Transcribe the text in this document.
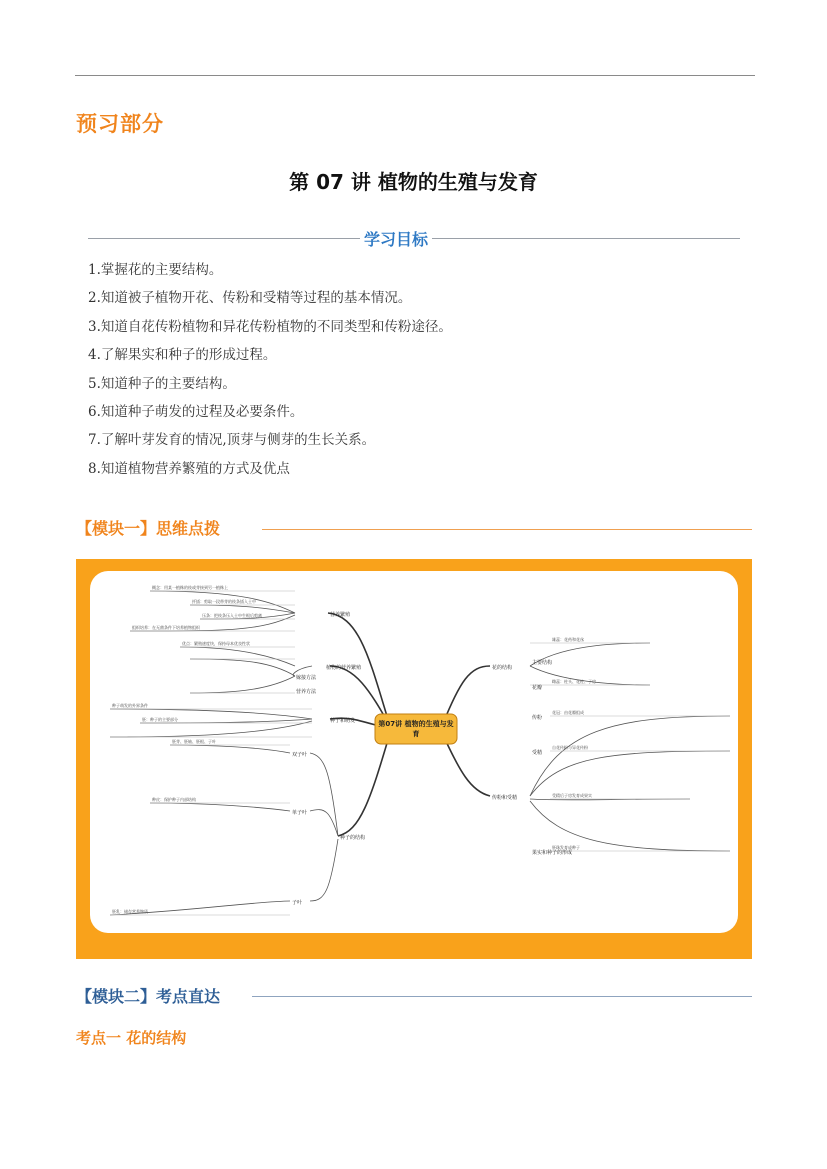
预习部分
第 07 讲 植物的生殖与发育
学习目标
1.掌握花的主要结构。
2.知道被子植物开花、传粉和受精等过程的基本情况。
3.知道自花传粉植物和异花传粉植物的不同类型和传粉途径。
4.了解果实和种子的形成过程。
5.知道种子的主要结构。
6.知道种子萌发的过程及必要条件。
7.了解叶芽发育的情况,顶芽与侧芽的生长关系。
8.知道植物营养繁殖的方式及优点
【模块一】思维点拨
第07讲 植物的生殖与发育
营养繁殖
植物的营养繁殖
种子和萌发
种子的结构
花的结构
传粉和受精
嫁接方法
营养方法
双子叶
单子叶
子叶
主要结构
花瓣
传粉
受精
果实和种子的形成
概念：用某一植株的枝或芽接到另一植株上
扦插：剪取一段带芽的枝条插入土中
压条：把枝条压入土中生根后剪离
组织培养：在无菌条件下培养植物组织
优点：繁殖速度快，保持母本优良性状
种子萌发的外界条件
胚：种子的主要部分
胚芽、胚轴、胚根、子叶
种皮：保护种子内部结构
胚乳：储存营养物质
雄蕊：花药和花丝
雌蕊：柱头、花柱、子房
花冠：由花瓣组成
自花传粉与异花传粉
受精后子房发育成果实
胚珠发育成种子
【模块二】考点直达
考点一 花的结构
